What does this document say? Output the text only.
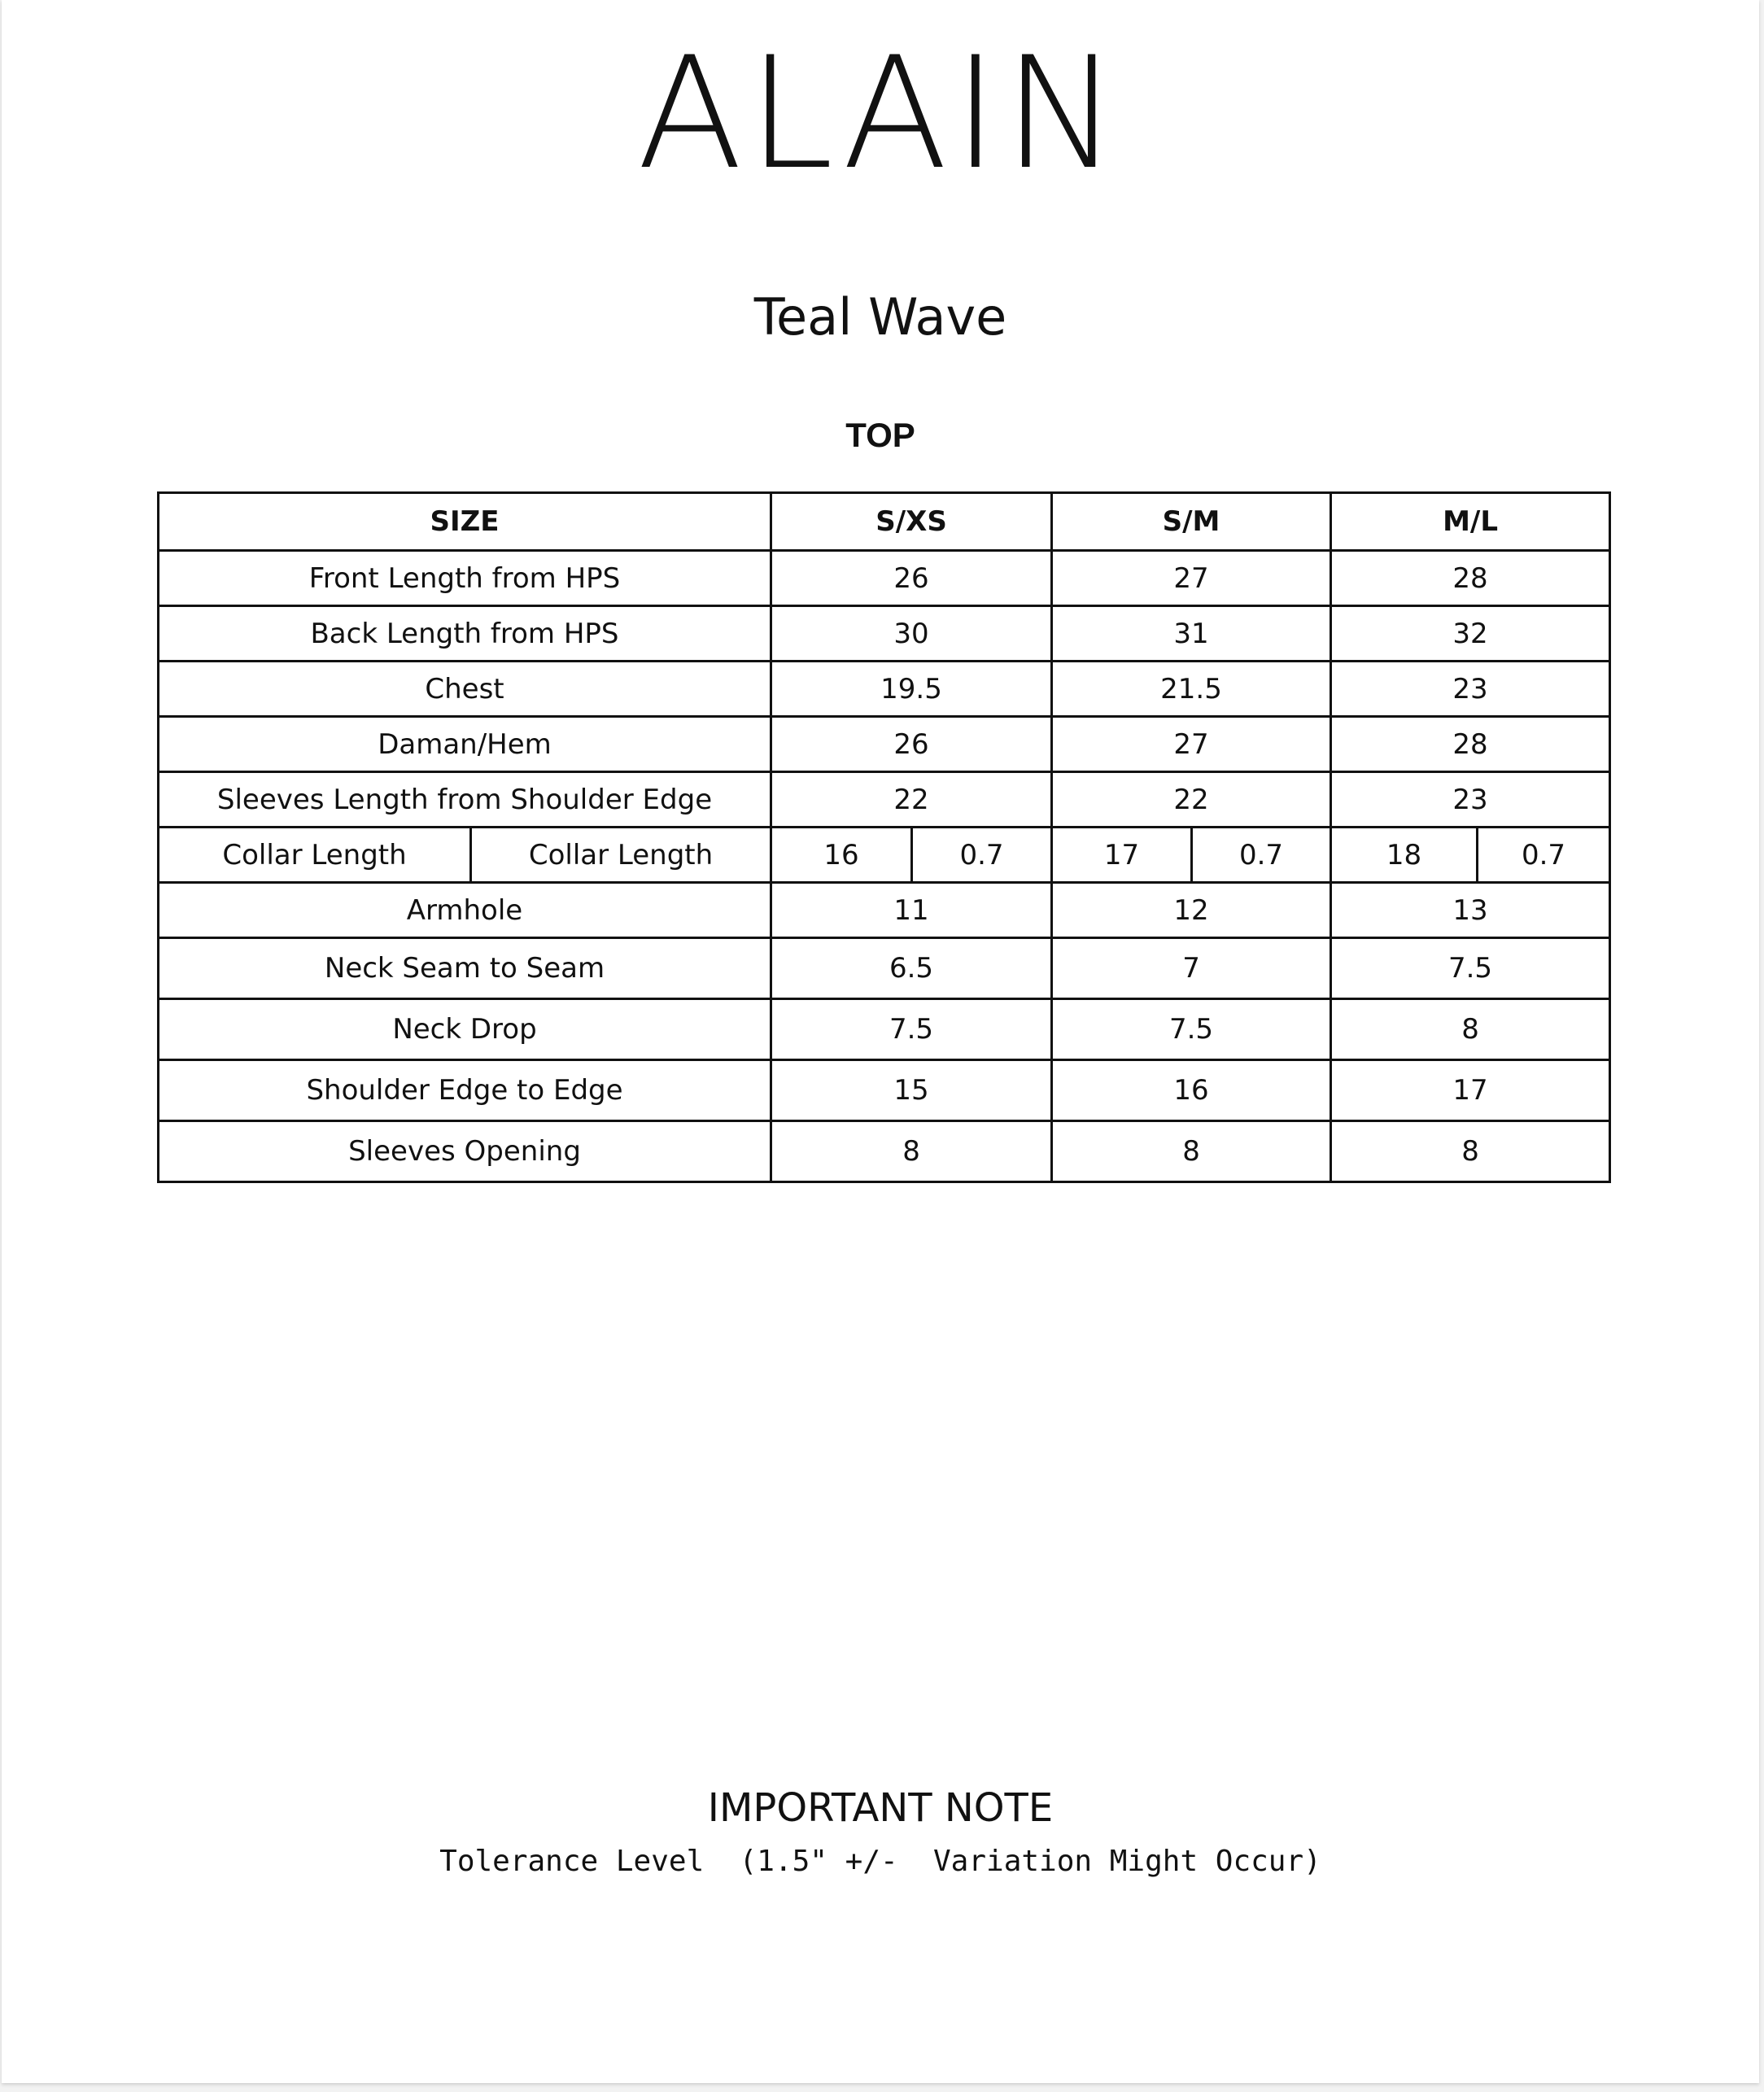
ALAIN
Teal Wave
TOP
SIZE		S/XS		S/M		M/L	
Front Length from HPS		26		27		28	
Back Length from HPS		30		31		32	
Chest		19.5		21.5		23	
Daman/Hem		26		27		28	
Sleeves Length from Shoulder Edge		22		22		23	
Collar Length	Collar Length	16	0.7	17	0.7	18	0.7
Armhole		11		12		13	
Neck Seam to Seam		6.5		7		7.5	
Neck Drop		7.5		7.5		8	
Shoulder Edge to Edge		15		16		17	
Sleeves Opening		8		8		8	
IMPORTANT NOTE
Tolerance Level  (1.5" +/-  Variation Might Occur)
